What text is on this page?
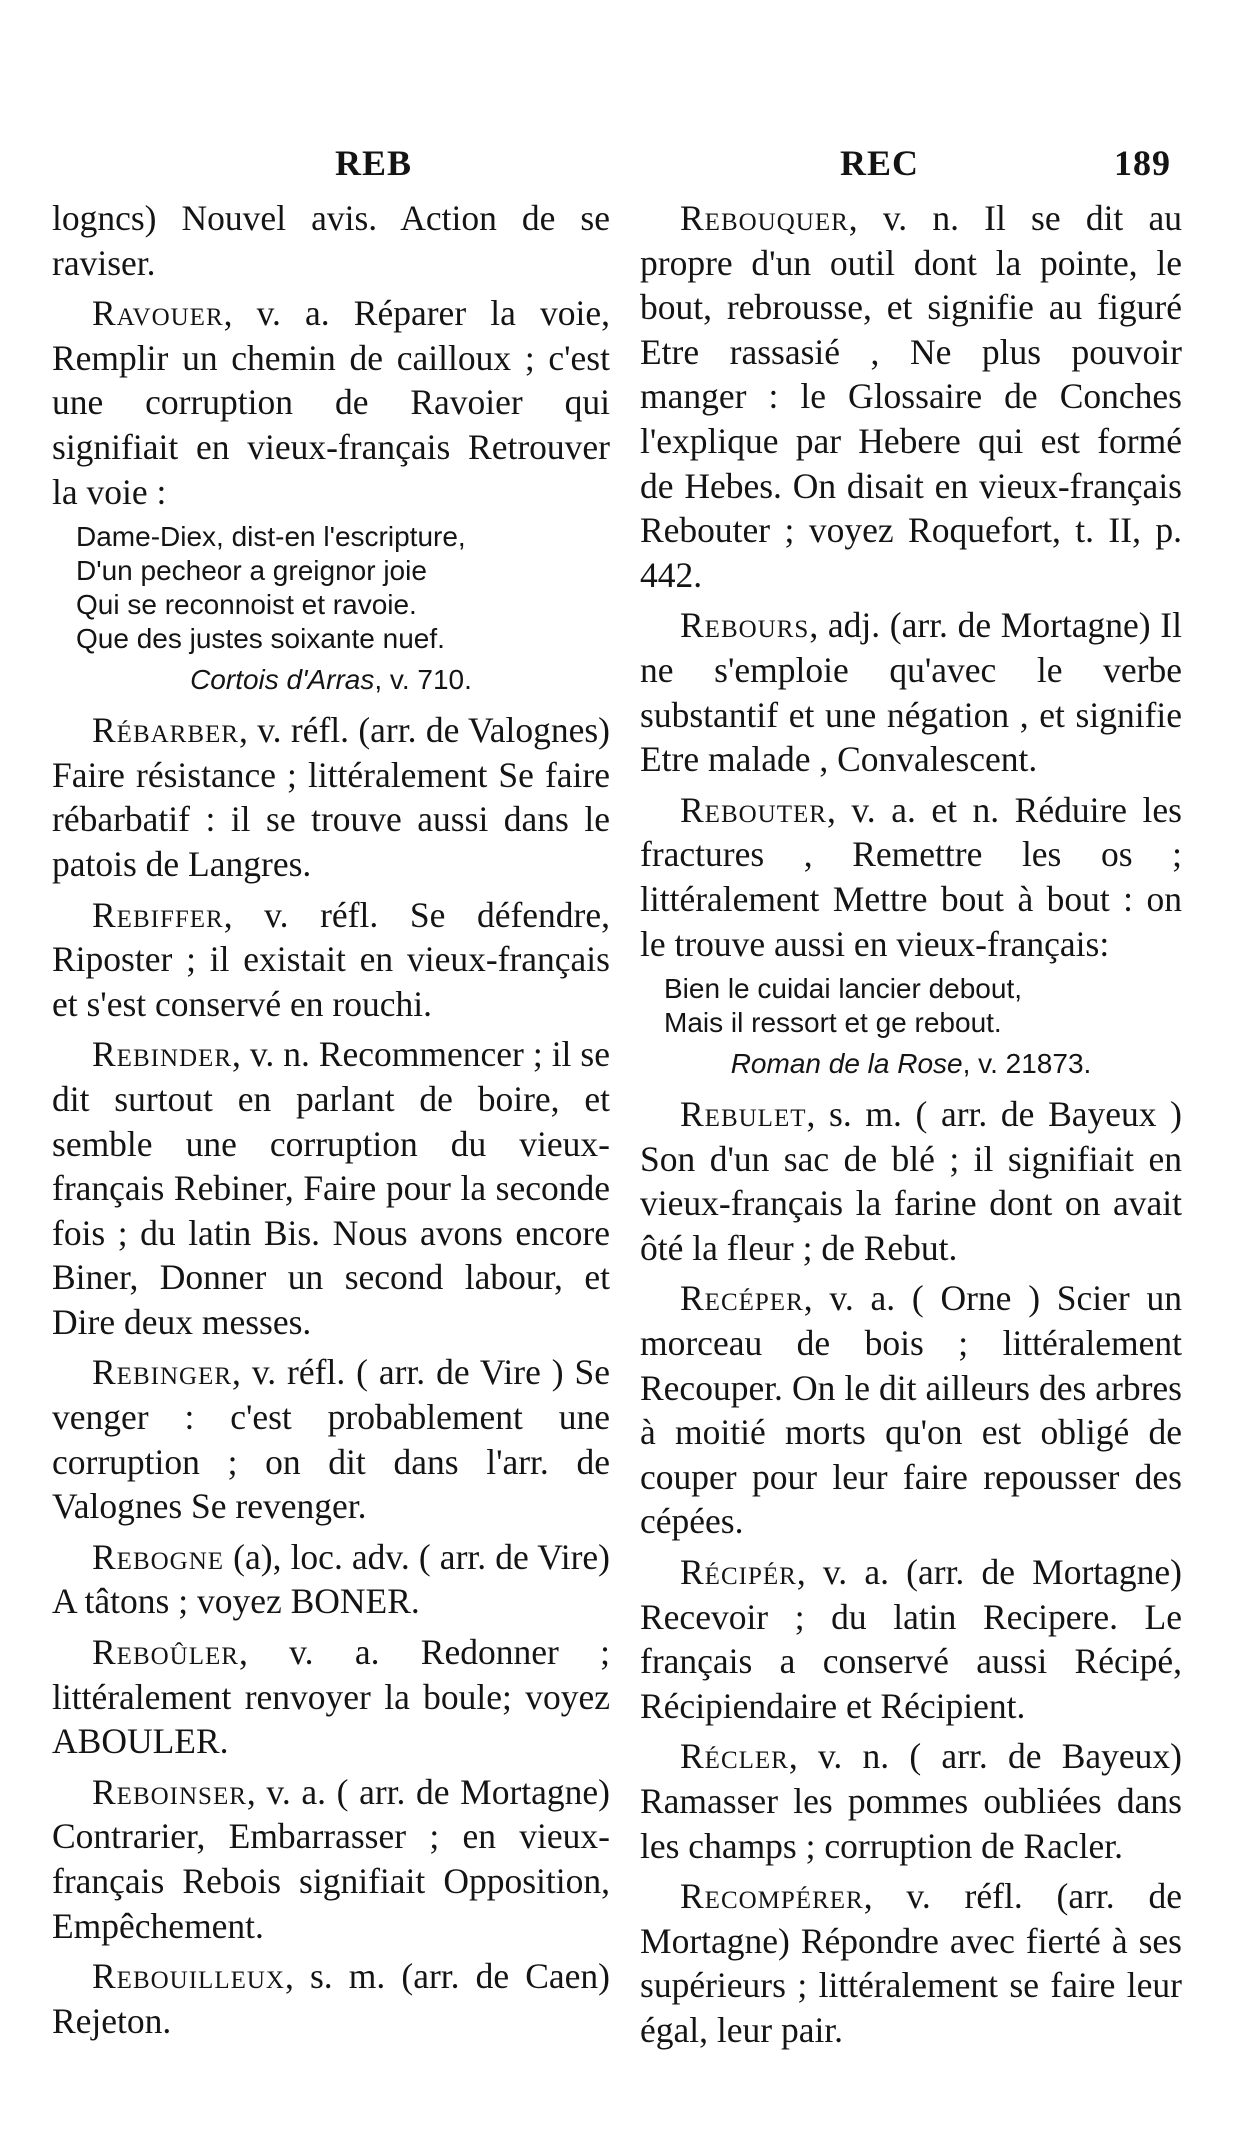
REB	REC	189

logncs) Nouvel avis. Action de se raviser.

Ravouer, v. a. Réparer la voie, Remplir un chemin de cailloux ; c'est une corruption de Ravoier qui signifiait en vieux-français Retrouver la voie :

Dame-Diex, dist-en l'escripture,
D'un pecheor a greignor joie
Qui se reconnoist et ravoie.
Que des justes soixante nuef.
Cortois d'Arras, v. 710.

Rébarber, v. réfl. (arr. de Valognes) Faire résistance ; littéralement Se faire rébarbatif : il se trouve aussi dans le patois de Langres.

Rebiffer, v. réfl. Se défendre, Riposter ; il existait en vieux-français et s'est conservé en rouchi.

Rebinder, v. n. Recommencer ; il se dit surtout en parlant de boire, et semble une corruption du vieux-français Rebiner, Faire pour la seconde fois ; du latin Bis. Nous avons encore Biner, Donner un second labour, et Dire deux messes.

Rebinger, v. réfl. ( arr. de Vire ) Se venger : c'est probablement une corruption ; on dit dans l'arr. de Valognes Se revenger.

Rebogne (a), loc. adv. ( arr. de Vire) A tâtons ; voyez BONER.

Reboûler, v. a. Redonner ; littéralement renvoyer la boule; voyez ABOULER.

Reboinser, v. a. ( arr. de Mortagne) Contrarier, Embarrasser ; en vieux-français Rebois signifiait Opposition, Empêchement.

Rebouilleux, s. m. (arr. de Caen) Rejeton.

Rebouquer, v. n. Il se dit au propre d'un outil dont la pointe, le bout, rebrousse, et signifie au figuré Etre rassasié , Ne plus pouvoir manger : le Glossaire de Conches l'explique par Hebere qui est formé de Hebes. On disait en vieux-français Rebouter ; voyez Roquefort, t. II, p. 442.

Rebours, adj. (arr. de Mortagne) Il ne s'emploie qu'avec le verbe substantif et une négation , et signifie Etre malade , Convalescent.

Rebouter, v. a. et n. Réduire les fractures , Remettre les os ; littéralement Mettre bout à bout : on le trouve aussi en vieux-français:

Bien le cuidai lancier debout,
Mais il ressort et ge rebout.
Roman de la Rose, v. 21873.

Rebulet, s. m. ( arr. de Bayeux ) Son d'un sac de blé ; il signifiait en vieux-français la farine dont on avait ôté la fleur ; de Rebut.

Recéper, v. a. ( Orne ) Scier un morceau de bois ; littéralement Recouper. On le dit ailleurs des arbres à moitié morts qu'on est obligé de couper pour leur faire repousser des cépées.

Récipér, v. a. (arr. de Mortagne) Recevoir ; du latin Recipere. Le français a conservé aussi Récipé, Récipiendaire et Récipient.

Récler, v. n. ( arr. de Bayeux) Ramasser les pommes oubliées dans les champs ; corruption de Racler.

Recompérer, v. réfl. (arr. de Mortagne) Répondre avec fierté à ses supérieurs ; littéralement se faire leur égal, leur pair.
